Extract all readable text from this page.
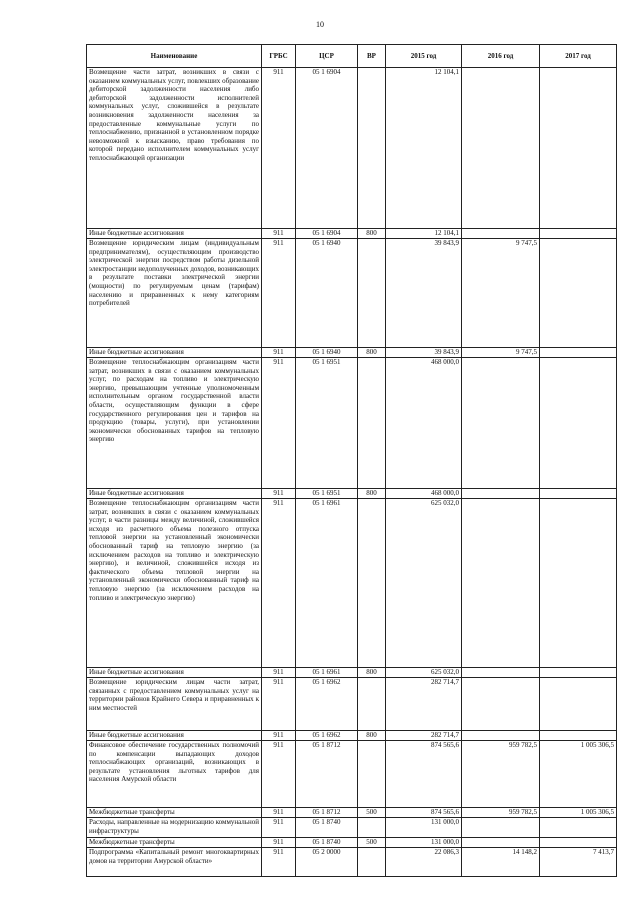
10
Наименование	ГРБС	ЦСР	ВР	2015 год	2016 год	2017 год
Возмещение части затрат, возникших в связи с оказанием коммунальных услуг, повлекших образование дебиторской задолженности населения либо дебиторской задолженности исполнителей коммунальных услуг, сложившейся в результате возникновения задолженности населения за предоставленные коммунальные услуги по теплоснабжению, признанной в установленном порядке невозможной к взысканию, право требования по которой передано исполнителем коммунальных услуг теплоснабжающей организации	911	05 1 6904		12 104,1		
Иные бюджетные ассигнования	911	05 1 6904	800	12 104,1		
Возмещение юридическим лицам (индивидуальным предпринимателям), осуществляющим производство электрической энергии посредством работы дизельной электростанции недополученных доходов, возникающих в результате поставки электрической энергии (мощности) по регулируемым ценам (тарифам) населению и приравненных к нему категориям потребителей	911	05 1 6940		39 843,9	9 747,5	
Иные бюджетные ассигнования	911	05 1 6940	800	39 843,9	9 747,5	
Возмещение теплоснабжающим организациям части затрат, возникших в связи с оказанием коммунальных услуг, по расходам на топливо и электрическую энергию, превышающим учтенные уполномоченным исполнительным органом государственной власти области, осуществляющим функции в сфере государственного регулирования цен и тарифов на продукцию (товары, услуги), при установлении экономически обоснованных тарифов на тепловую энергию	911	05 1 6951		468 000,0		
Иные бюджетные ассигнования	911	05 1 6951	800	468 000,0		
Возмещение теплоснабжающим организациям части затрат, возникших в связи с оказанием коммунальных услуг, в части разницы между величиной, сложившейся исходя из расчетного объема полезного отпуска тепловой энергии на установленный экономически обоснованный тариф на тепловую энергию (за исключением расходов на топливо и электрическую энергию), и величиной, сложившейся исходя из фактического объема тепловой энергии на установленный экономически обоснованный тариф на тепловую энергию (за исключением расходов на топливо и электрическую энергию)	911	05 1 6961		625 032,0		
Иные бюджетные ассигнования	911	05 1 6961	800	625 032,0		
Возмещение юридическим лицам части затрат, связанных с предоставлением коммунальных услуг на территории районов Крайнего Севера и приравненных к ним местностей	911	05 1 6962		282 714,7		
Иные бюджетные ассигнования	911	05 1 6962	800	282 714,7		
Финансовое обеспечение государственных полномочий по компенсации выпадающих доходов теплоснабжающих организаций, возникающих в результате установления льготных тарифов для населения Амурской области	911	05 1 8712		874 565,6	959 782,5	1 005 306,5
Межбюджетные трансферты	911	05 1 8712	500	874 565,6	959 782,5	1 005 306,5
Расходы, направленные на модернизацию коммунальной инфраструктуры	911	05 1 8740		131 000,0		
Межбюджетные трансферты	911	05 1 8740	500	131 000,0		
Подпрограмма «Капитальный ремонт многоквартирных домов на территории Амурской области»	911	05 2 0000		22 086,3	14 148,2	7 413,7
